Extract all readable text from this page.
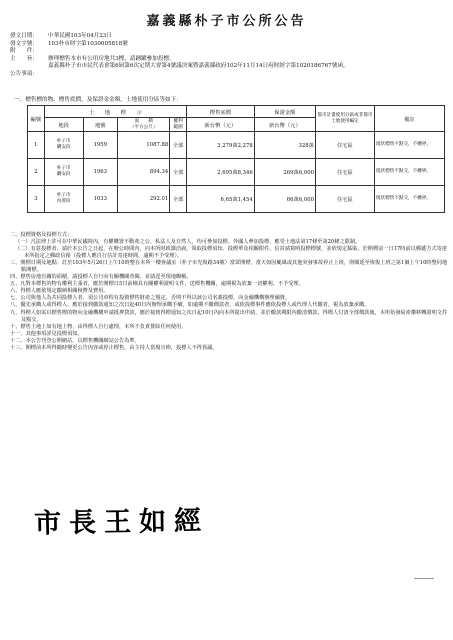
嘉義縣朴子市公所公告
發文日期： 中華民國103年04月23日
發文字號： 103朴市財字第1030005818號
附　　件：
主　　旨： 辦理標售本市有公用房地共3標，請踴躍參加投標。
嘉義縣朴子市市民代表會第6屆第6次定期大會第4號議決案暨嘉義縣政府102年11月14日府財經字第1020186767號函。
公告事項：
一、標售標的物、標售底價，及保證金金額，土地使用分區等如下：
編號	土　　地　　標　　示				標售底價	保證金額	都市計畫使用分區或非都市土地使用編定	備註
	地段	地號	面　　積
（平方公尺）	權利範圍	新台幣（元）	新台幣（元）		
1	朴子市
購安段	1959	1087.88	全部	3,279萬2,278	328萬	住宅區	現狀標售不點交，不纏界。
2	朴子市
購安段	1963	894.34	全部	2,695萬8,346	269萬6,000	住宅區	現狀標售不點交，不纏界。
3	朴子市
內厝段	1033	292.01	全部	6,65萬1,454	66萬6,000	住宅區	現狀標售不點交，不纏界。

二、投標資格及投標方式：

（一）凡法律上許可在中華民國境內，有權購置不動產之公、私法人及自然人，均可參加投標。外國人參加投標，應受土地法第17條至第20條之限制。

（二）有意投標者，請於本公告之日起，在辦公時間內，向本所財政課洽詢，領取投標須知、投標單及相關附件。信封請寫明投標標號，並依規定黏貼，於開標前一日17時前以郵遞方式寄達本所指定之郵政信箱（投標人應自行估計寄達時間，逾期不予受理）。

三、開標日期及地點：訂於103年5月26日上午10時整在本所一樓會議室（朴子市光復路34號）當眾開標，當天如因颱風或其他突發事故停止上班，則順延至恢復上班之第1個上午10時整同地點開標。

四、標售房地有關的面積，請投標人自行向有關機關查閱，並請逕至現地瞭解。

五、凡對本標售的物有權利主張者，應於開標日5日前檢具有關權利證明文件，送標售機關，逾期視為放棄一切權利，不予受理。

六、得標人應依規定繳納相關稅費及費用。

七、公司與他人為共同投標人者，須公司章程有投資標售財產之規定，否則不得以該公司名義投標，向金融機構辦理融資。

八、優先承購人或得標人，應於接到繳款通知之次日起40日內辦理承購手續，如逾期不繳價款者，或依投標事件應依投標人或代理人代繳者，視為放棄承購。

九、得標人如需以標售標的物向金融機構申請抵押貸款，應於接到得標通知之次日起10日內向本所提出申請，並於繳款期限內繳清價款，得標人付清全部價款後，本所始發給產權移轉證明文件及點交。

十、標售土地上如有地上物，由得標人自行處理，本所不負責排除任何使用。

十一、其他事項詳見投標須知。

十二、本公告刊登公開網站，以標售機關網站公告為準。

十三、開標前本所得隨時變更公告內容或停止標售，由主持人當場宣佈，投標人不得異議。

市長王如經
